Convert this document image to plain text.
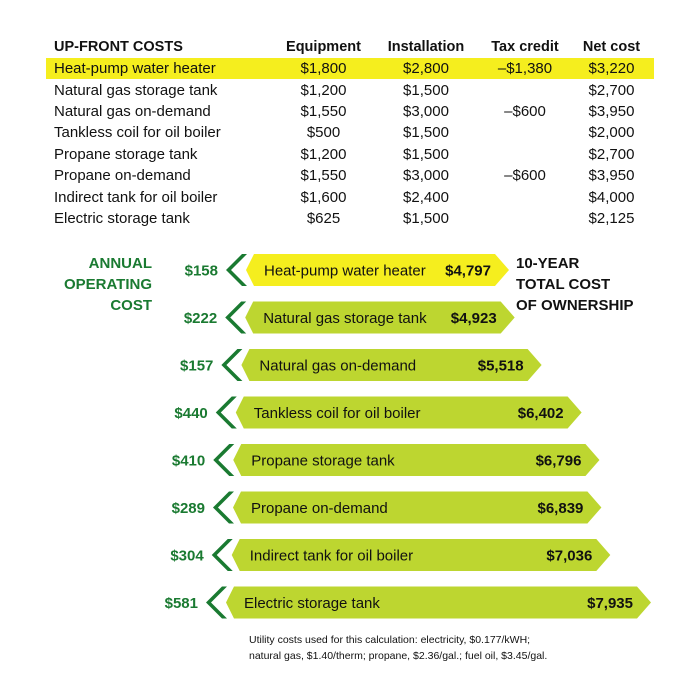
UP-FRONT COSTS	Equipment	Installation	Tax credit	Net cost
Heat-pump water heater	$1,800	$2,800	–$1,380	$3,220
Natural gas storage tank	$1,200	$1,500		$2,700
Natural gas on-demand	$1,550	$3,000	–$600	$3,950
Tankless coil for oil boiler	$500	$1,500		$2,000
Propane storage tank	$1,200	$1,500		$2,700
Propane on-demand	$1,550	$3,000	–$600	$3,950
Indirect tank for oil boiler	$1,600	$2,400		$4,000
Electric storage tank	$625	$1,500		$2,125
ANNUAL
OPERATING
COST
10-YEAR
TOTAL COST
OF OWNERSHIP
$158	Heat-pump water heater $4,797
$222	Natural gas storage tank $4,923
$157	Natural gas on-demand	$5,518
$440	Tankless coil for oil boiler	$6,402
$410	Propane storage tank	$6,796
$289	Propane on-demand	$6,839
$304	Indirect tank for oil boiler	$7,036
$581	Electric storage tank	$7,935
Utility costs used for this calculation: electricity, $0.177/kWH;
natural gas, $1.40/therm; propane, $2.36/gal.; fuel oil, $3.45/gal.
